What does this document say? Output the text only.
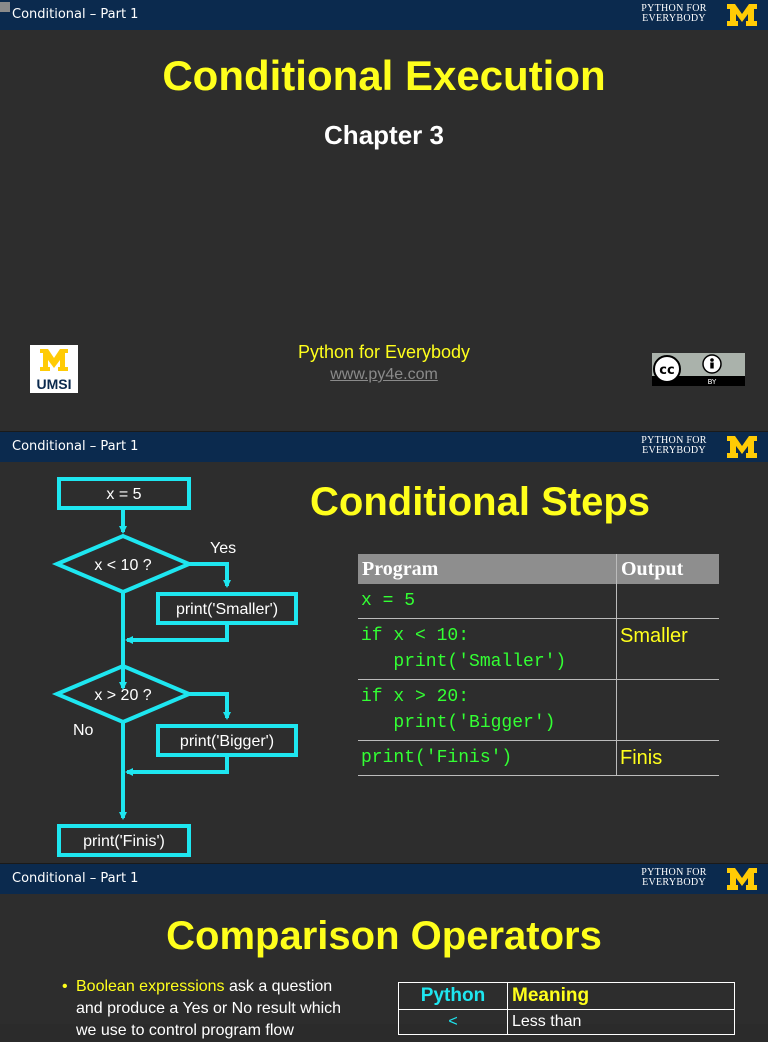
Conditional – Part 1	PYTHON FOR
EVERYBODY
Conditional Execution
Chapter 3
UMSI
Python for Everybody
www.py4e.com	cc
BY
Conditional – Part 1	PYTHON FOR
EVERYBODY
x = 5
x < 10 ?
Yes
print('Smaller')
x > 20 ?
No
print('Bigger')
print('Finis')
Conditional Steps
Program	Output
x = 5	

if x < 10:
print('Smaller')	Smaller

if x > 20:
print('Bigger')	

print('Finis')	Finis
Conditional – Part 1	PYTHON FOR
EVERYBODY
Comparison Operators
• Boolean expressions ask a question
and produce a Yes or No result which
we use to control program flow
Python	Meaning
<	Less than
